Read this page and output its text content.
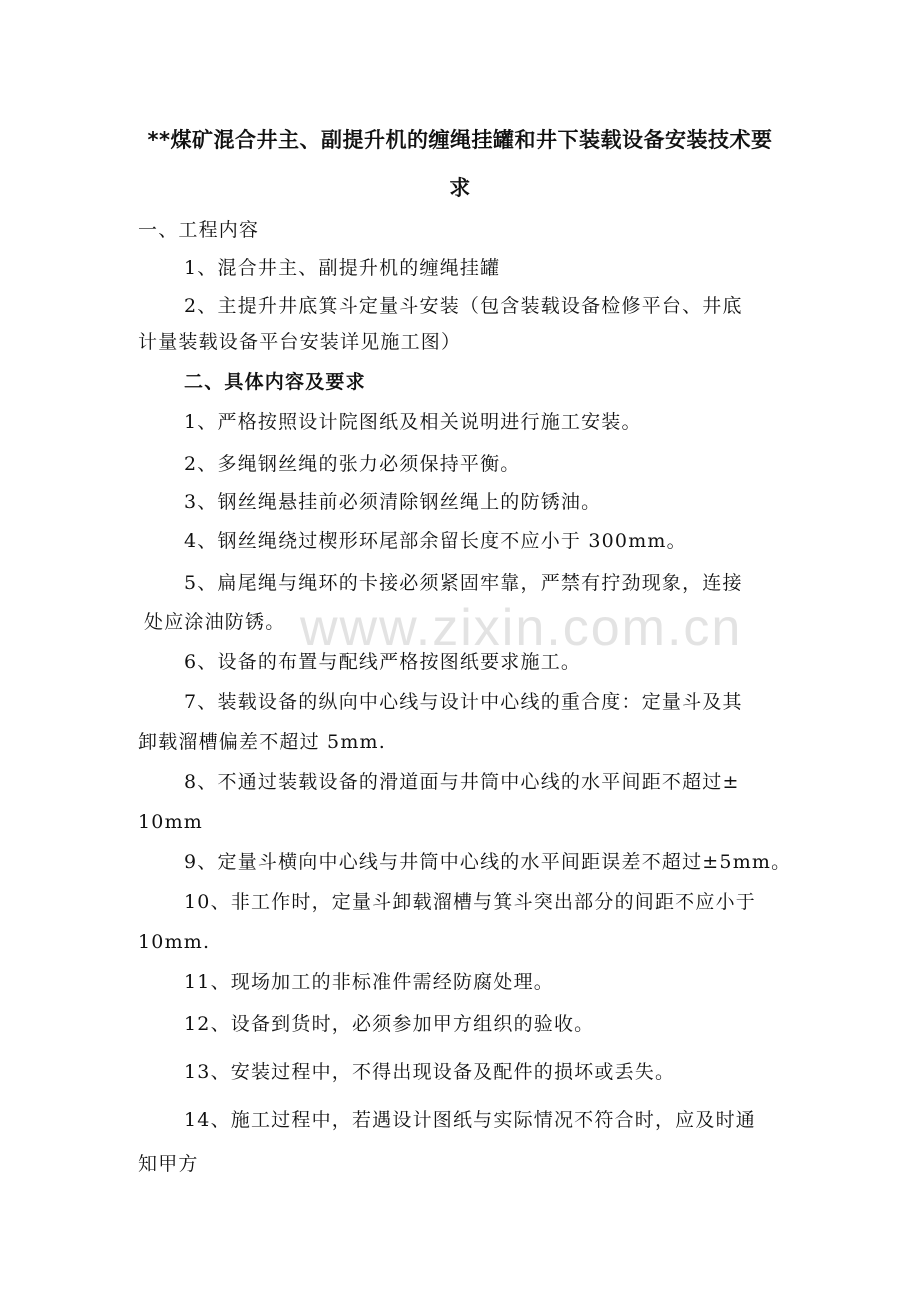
**煤矿混合井主、副提升机的缠绳挂罐和井下装载设备安装技术要
求
一、工程内容
1、混合井主、副提升机的缠绳挂罐
2、主提升井底箕斗定量斗安装（包含装载设备检修平台、井底
计量装载设备平台安装详见施工图）
二、具体内容及要求
1、严格按照设计院图纸及相关说明进行施工安装。
2、多绳钢丝绳的张力必须保持平衡。
3、钢丝绳悬挂前必须清除钢丝绳上的防锈油。
4、钢丝绳绕过楔形环尾部余留长度不应小于 300mm。
5、扁尾绳与绳环的卡接必须紧固牢靠，严禁有拧劲现象，连接
处应涂油防锈。
6、设备的布置与配线严格按图纸要求施工。
7、装载设备的纵向中心线与设计中心线的重合度：定量斗及其
卸载溜槽偏差不超过 5mm.
8、不通过装载设备的滑道面与井筒中心线的水平间距不超过±
10mm
9、定量斗横向中心线与井筒中心线的水平间距误差不超过±5mm。
10、非工作时，定量斗卸载溜槽与箕斗突出部分的间距不应小于
10mm.
11、现场加工的非标准件需经防腐处理。
12、设备到货时，必须参加甲方组织的验收。
13、安装过程中，不得出现设备及配件的损坏或丢失。
14、施工过程中，若遇设计图纸与实际情况不符合时，应及时通
知甲方
www.zixin.com.cn
